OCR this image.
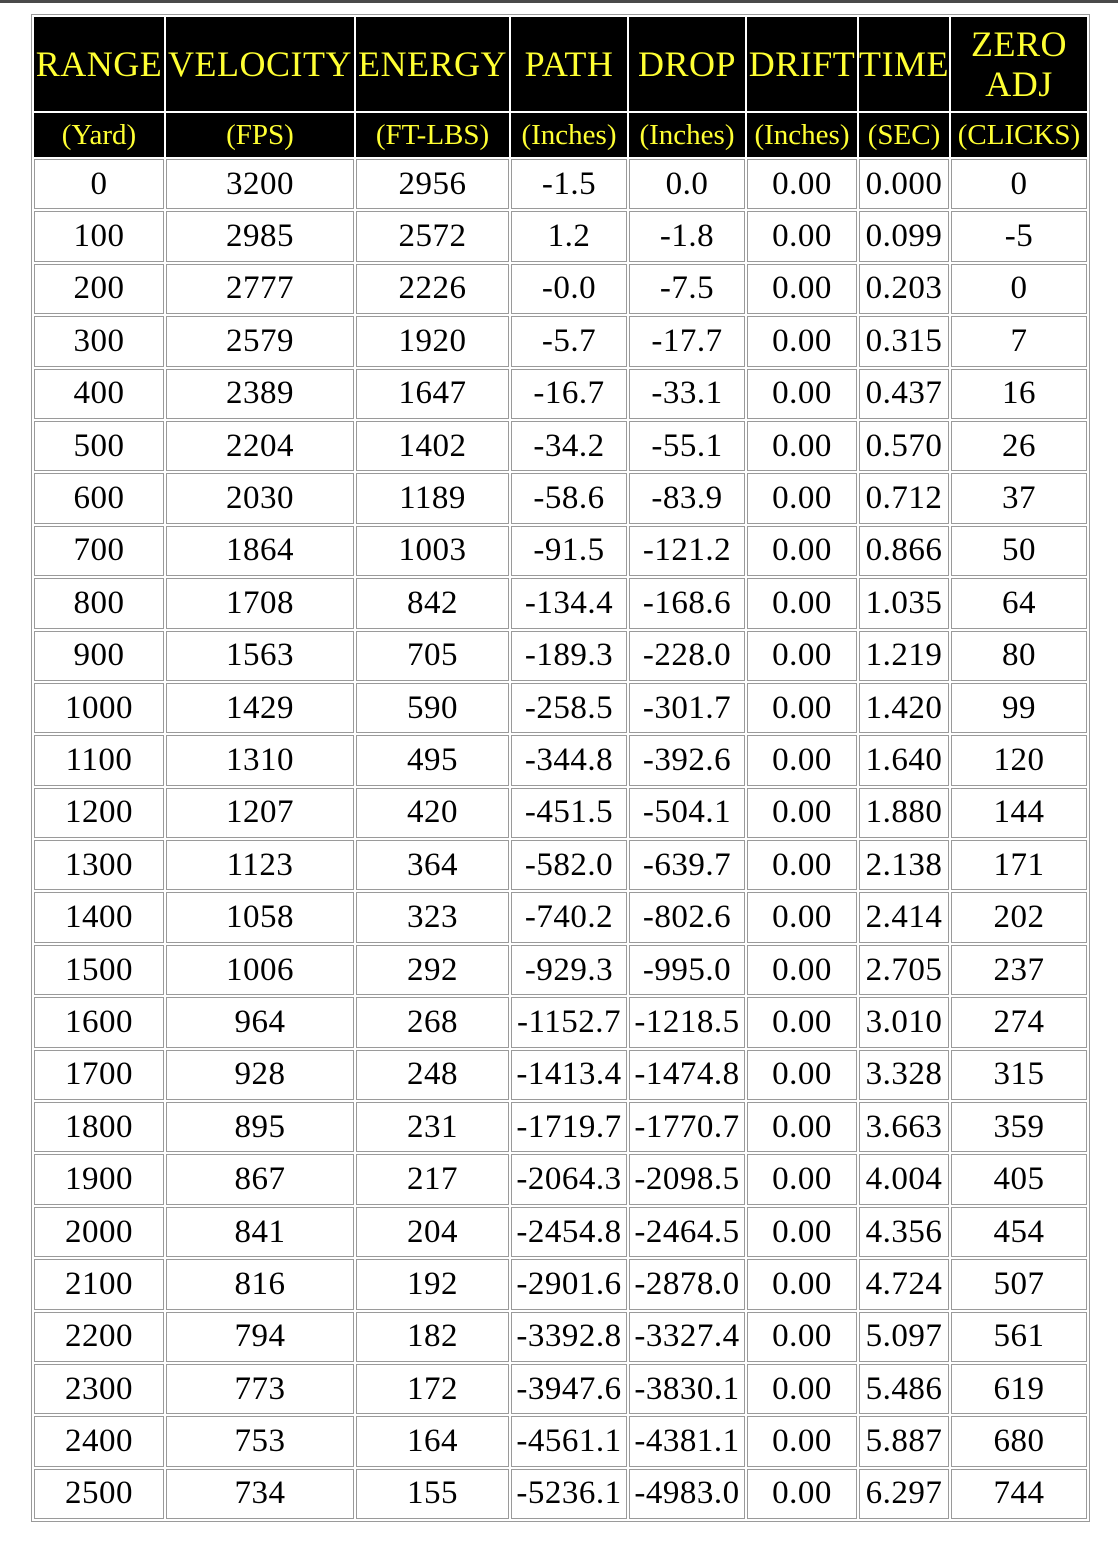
RANGE	VELOCITY	ENERGY	PATH	DROP	DRIFT	TIME	ZERO ADJ
(Yard)	(FPS)	(FT-LBS)	(Inches)	(Inches)	(Inches)	(SEC)	(CLICKS)
0	3200	2956	-1.5	0.0	0.00	0.000	0
100	2985	2572	1.2	-1.8	0.00	0.099	-5
200	2777	2226	-0.0	-7.5	0.00	0.203	0
300	2579	1920	-5.7	-17.7	0.00	0.315	7
400	2389	1647	-16.7	-33.1	0.00	0.437	16
500	2204	1402	-34.2	-55.1	0.00	0.570	26
600	2030	1189	-58.6	-83.9	0.00	0.712	37
700	1864	1003	-91.5	-121.2	0.00	0.866	50
800	1708	842	-134.4	-168.6	0.00	1.035	64
900	1563	705	-189.3	-228.0	0.00	1.219	80
1000	1429	590	-258.5	-301.7	0.00	1.420	99
1100	1310	495	-344.8	-392.6	0.00	1.640	120
1200	1207	420	-451.5	-504.1	0.00	1.880	144
1300	1123	364	-582.0	-639.7	0.00	2.138	171
1400	1058	323	-740.2	-802.6	0.00	2.414	202
1500	1006	292	-929.3	-995.0	0.00	2.705	237
1600	964	268	-1152.7	-1218.5	0.00	3.010	274
1700	928	248	-1413.4	-1474.8	0.00	3.328	315
1800	895	231	-1719.7	-1770.7	0.00	3.663	359
1900	867	217	-2064.3	-2098.5	0.00	4.004	405
2000	841	204	-2454.8	-2464.5	0.00	4.356	454
2100	816	192	-2901.6	-2878.0	0.00	4.724	507
2200	794	182	-3392.8	-3327.4	0.00	5.097	561
2300	773	172	-3947.6	-3830.1	0.00	5.486	619
2400	753	164	-4561.1	-4381.1	0.00	5.887	680
2500	734	155	-5236.1	-4983.0	0.00	6.297	744
